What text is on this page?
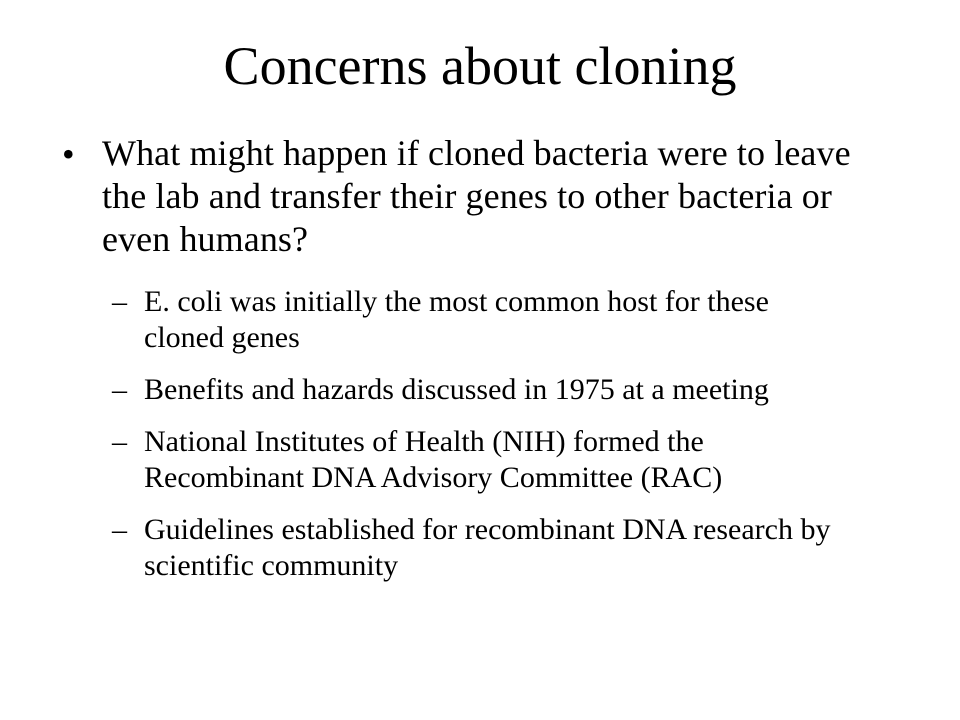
Concerns about cloning
• What might happen if cloned bacteria were to leave the lab and transfer their genes to other bacteria or even humans?
– E. coli was initially the most common host for these cloned genes
– Benefits and hazards discussed in 1975 at a meeting
– National Institutes of Health (NIH) formed the Recombinant DNA Advisory Committee (RAC)
– Guidelines established for recombinant DNA research by scientific community
